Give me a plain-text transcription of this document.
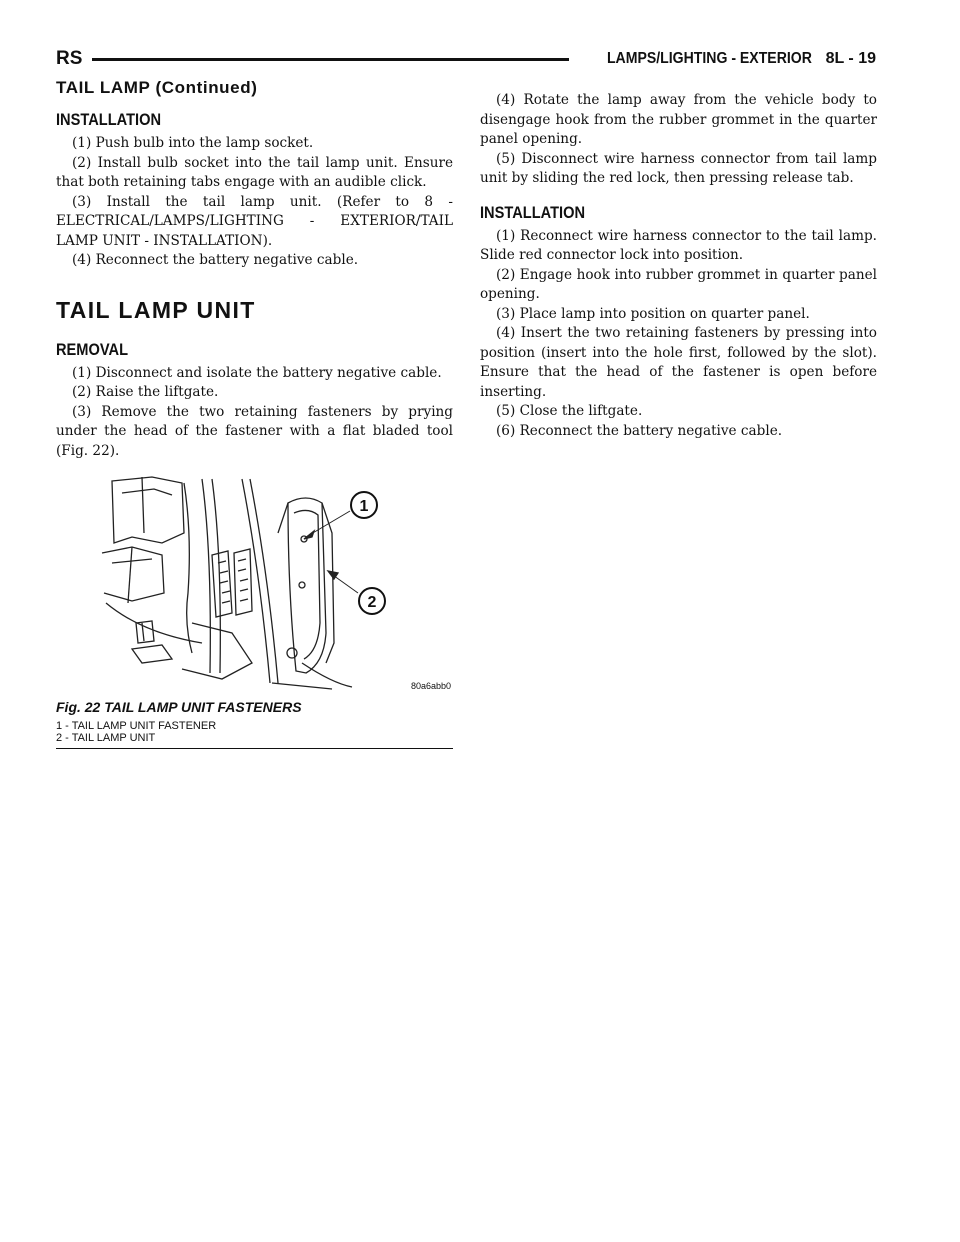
RS	LAMPS/LIGHTING - EXTERIOR 8L - 19
TAIL LAMP (Continued)
INSTALLATION

(1) Push bulb into the lamp socket.

(2) Install bulb socket into the tail lamp unit. Ensure that both retaining tabs engage with an audible click.

(3) Install the tail lamp unit. (Refer to 8 - ELECTRICAL/LAMPS/LIGHTING - EXTERIOR/TAIL LAMP UNIT - INSTALLATION).

(4) Reconnect the battery negative cable.

TAIL LAMP UNIT
REMOVAL

(1) Disconnect and isolate the battery negative cable.

(2) Raise the liftgate.

(3) Remove the two retaining fasteners by prying under the head of the fastener with a flat bladed tool (Fig. 22).

1
2
80a6abb0
Fig. 22 TAIL LAMP UNIT FASTENERS
1 - TAIL LAMP UNIT FASTENER
2 - TAIL LAMP UNIT

(4) Rotate the lamp away from the vehicle body to disengage hook from the rubber grommet in the quarter panel opening.

(5) Disconnect wire harness connector from tail lamp unit by sliding the red lock, then pressing release tab.

INSTALLATION

(1) Reconnect wire harness connector to the tail lamp. Slide red connector lock into position.

(2) Engage hook into rubber grommet in quarter panel opening.

(3) Place lamp into position on quarter panel.

(4) Insert the two retaining fasteners by pressing into position (insert into the hole first, followed by the slot). Ensure that the head of the fastener is open before inserting.

(5) Close the liftgate.

(6) Reconnect the battery negative cable.
